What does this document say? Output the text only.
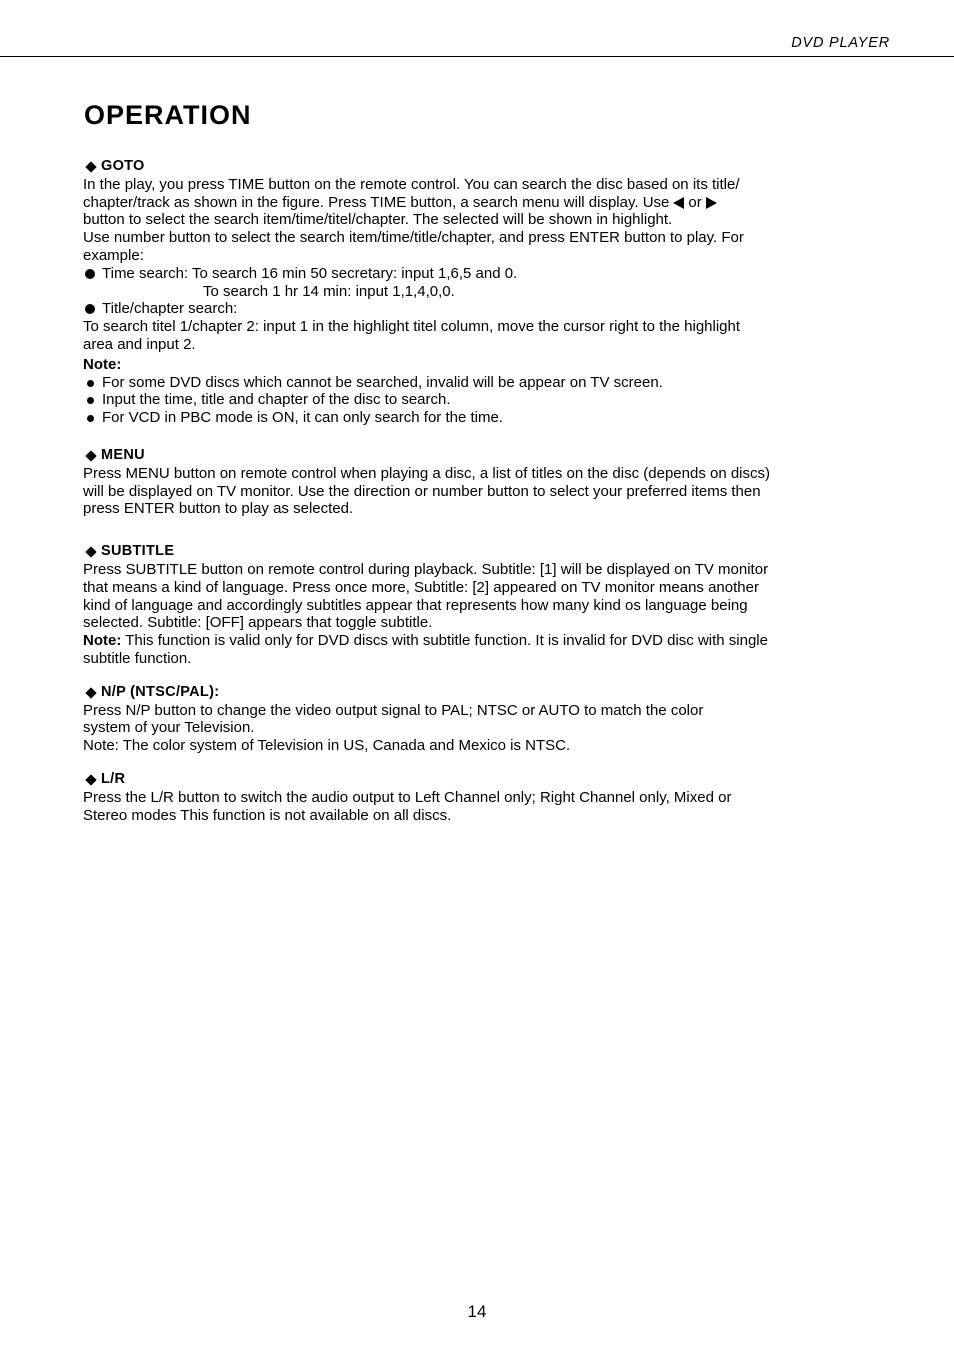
DVD PLAYER
OPERATION
GOTO

In the play, you press TIME button on the remote control. You can search the disc based on its title/

chapter/track as shown in the figure. Press TIME button, a search menu will display. Use or

button to select the search item/time/titel/chapter. The selected will be shown in highlight.

Use number button to select the search item/time/title/chapter, and press ENTER button to play. For

example:

Time search: To search 16 min 50 secretary: input 1,6,5 and 0.

To search 1 hr 14 min: input 1,1,4,0,0.

Title/chapter search:

To search titel 1/chapter 2: input 1 in the highlight titel column, move the cursor right to the highlight

area and input 2.

Note:

For some DVD discs which cannot be searched, invalid will be appear on TV screen.
Input the time, title and chapter of the disc to search.
For VCD in PBC mode is ON, it can only search for the time.
MENU

Press MENU button on remote control when playing a disc, a list of titles on the disc (depends on discs)

will be displayed on TV monitor. Use the direction or number button to select your preferred items then

press ENTER button to play as selected.

SUBTITLE

Press SUBTITLE button on remote control during playback. Subtitle: [1] will be displayed on TV monitor

that means a kind of language. Press once more, Subtitle: [2] appeared on TV monitor means another

kind of language and accordingly subtitles appear that represents how many kind os language being

selected. Subtitle: [OFF] appears that toggle subtitle.

Note: This function is valid only for DVD discs with subtitle function. It is invalid for DVD disc with single

subtitle function.

N/P (NTSC/PAL):

Press N/P button to change the video output signal to PAL; NTSC or AUTO to match the color

system of your Television.

Note: The color system of Television in US, Canada and Mexico is NTSC.

L/R

Press the L/R button to switch the audio output to Left Channel only; Right Channel only, Mixed or

Stereo modes This function is not available on all discs.

14
